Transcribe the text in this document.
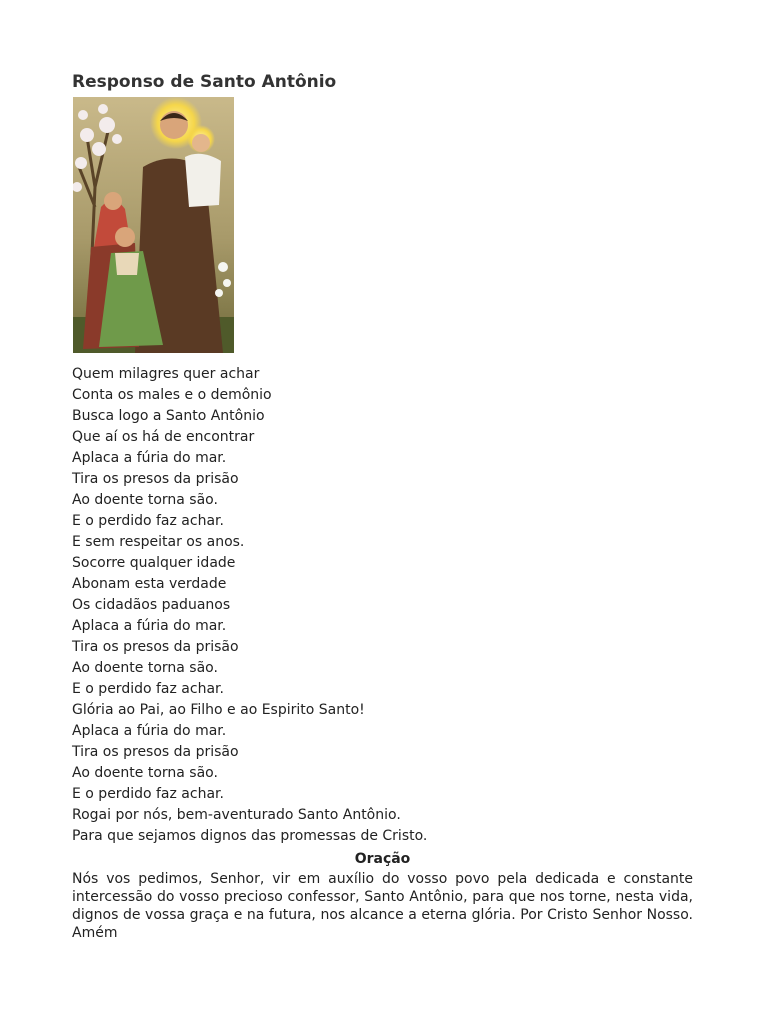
Responso de Santo Antônio
Quem milagres quer achar
Conta os males e o demônio
Busca logo a Santo Antônio
Que aí os há de encontrar
Aplaca a fúria do mar.
Tira os presos da prisão
Ao doente torna são.
E o perdido faz achar.
E sem respeitar os anos.
Socorre qualquer idade
Abonam esta verdade
Os cidadãos paduanos
Aplaca a fúria do mar.
Tira os presos da prisão
Ao doente torna são.
E o perdido faz achar.
Glória ao Pai, ao Filho e ao Espirito Santo!
Aplaca a fúria do mar.
Tira os presos da prisão
Ao doente torna são.
E o perdido faz achar.
Rogai por nós, bem-aventurado Santo Antônio.
Para que sejamos dignos das promessas de Cristo.
Oração
Nós vos pedimos, Senhor, vir em auxílio do vosso povo pela dedicada e constante intercessão do vosso precioso confessor, Santo Antônio, para que nos torne, nesta vida, dignos de vossa graça e na futura, nos alcance a eterna glória. Por Cristo Senhor Nosso. Amém
